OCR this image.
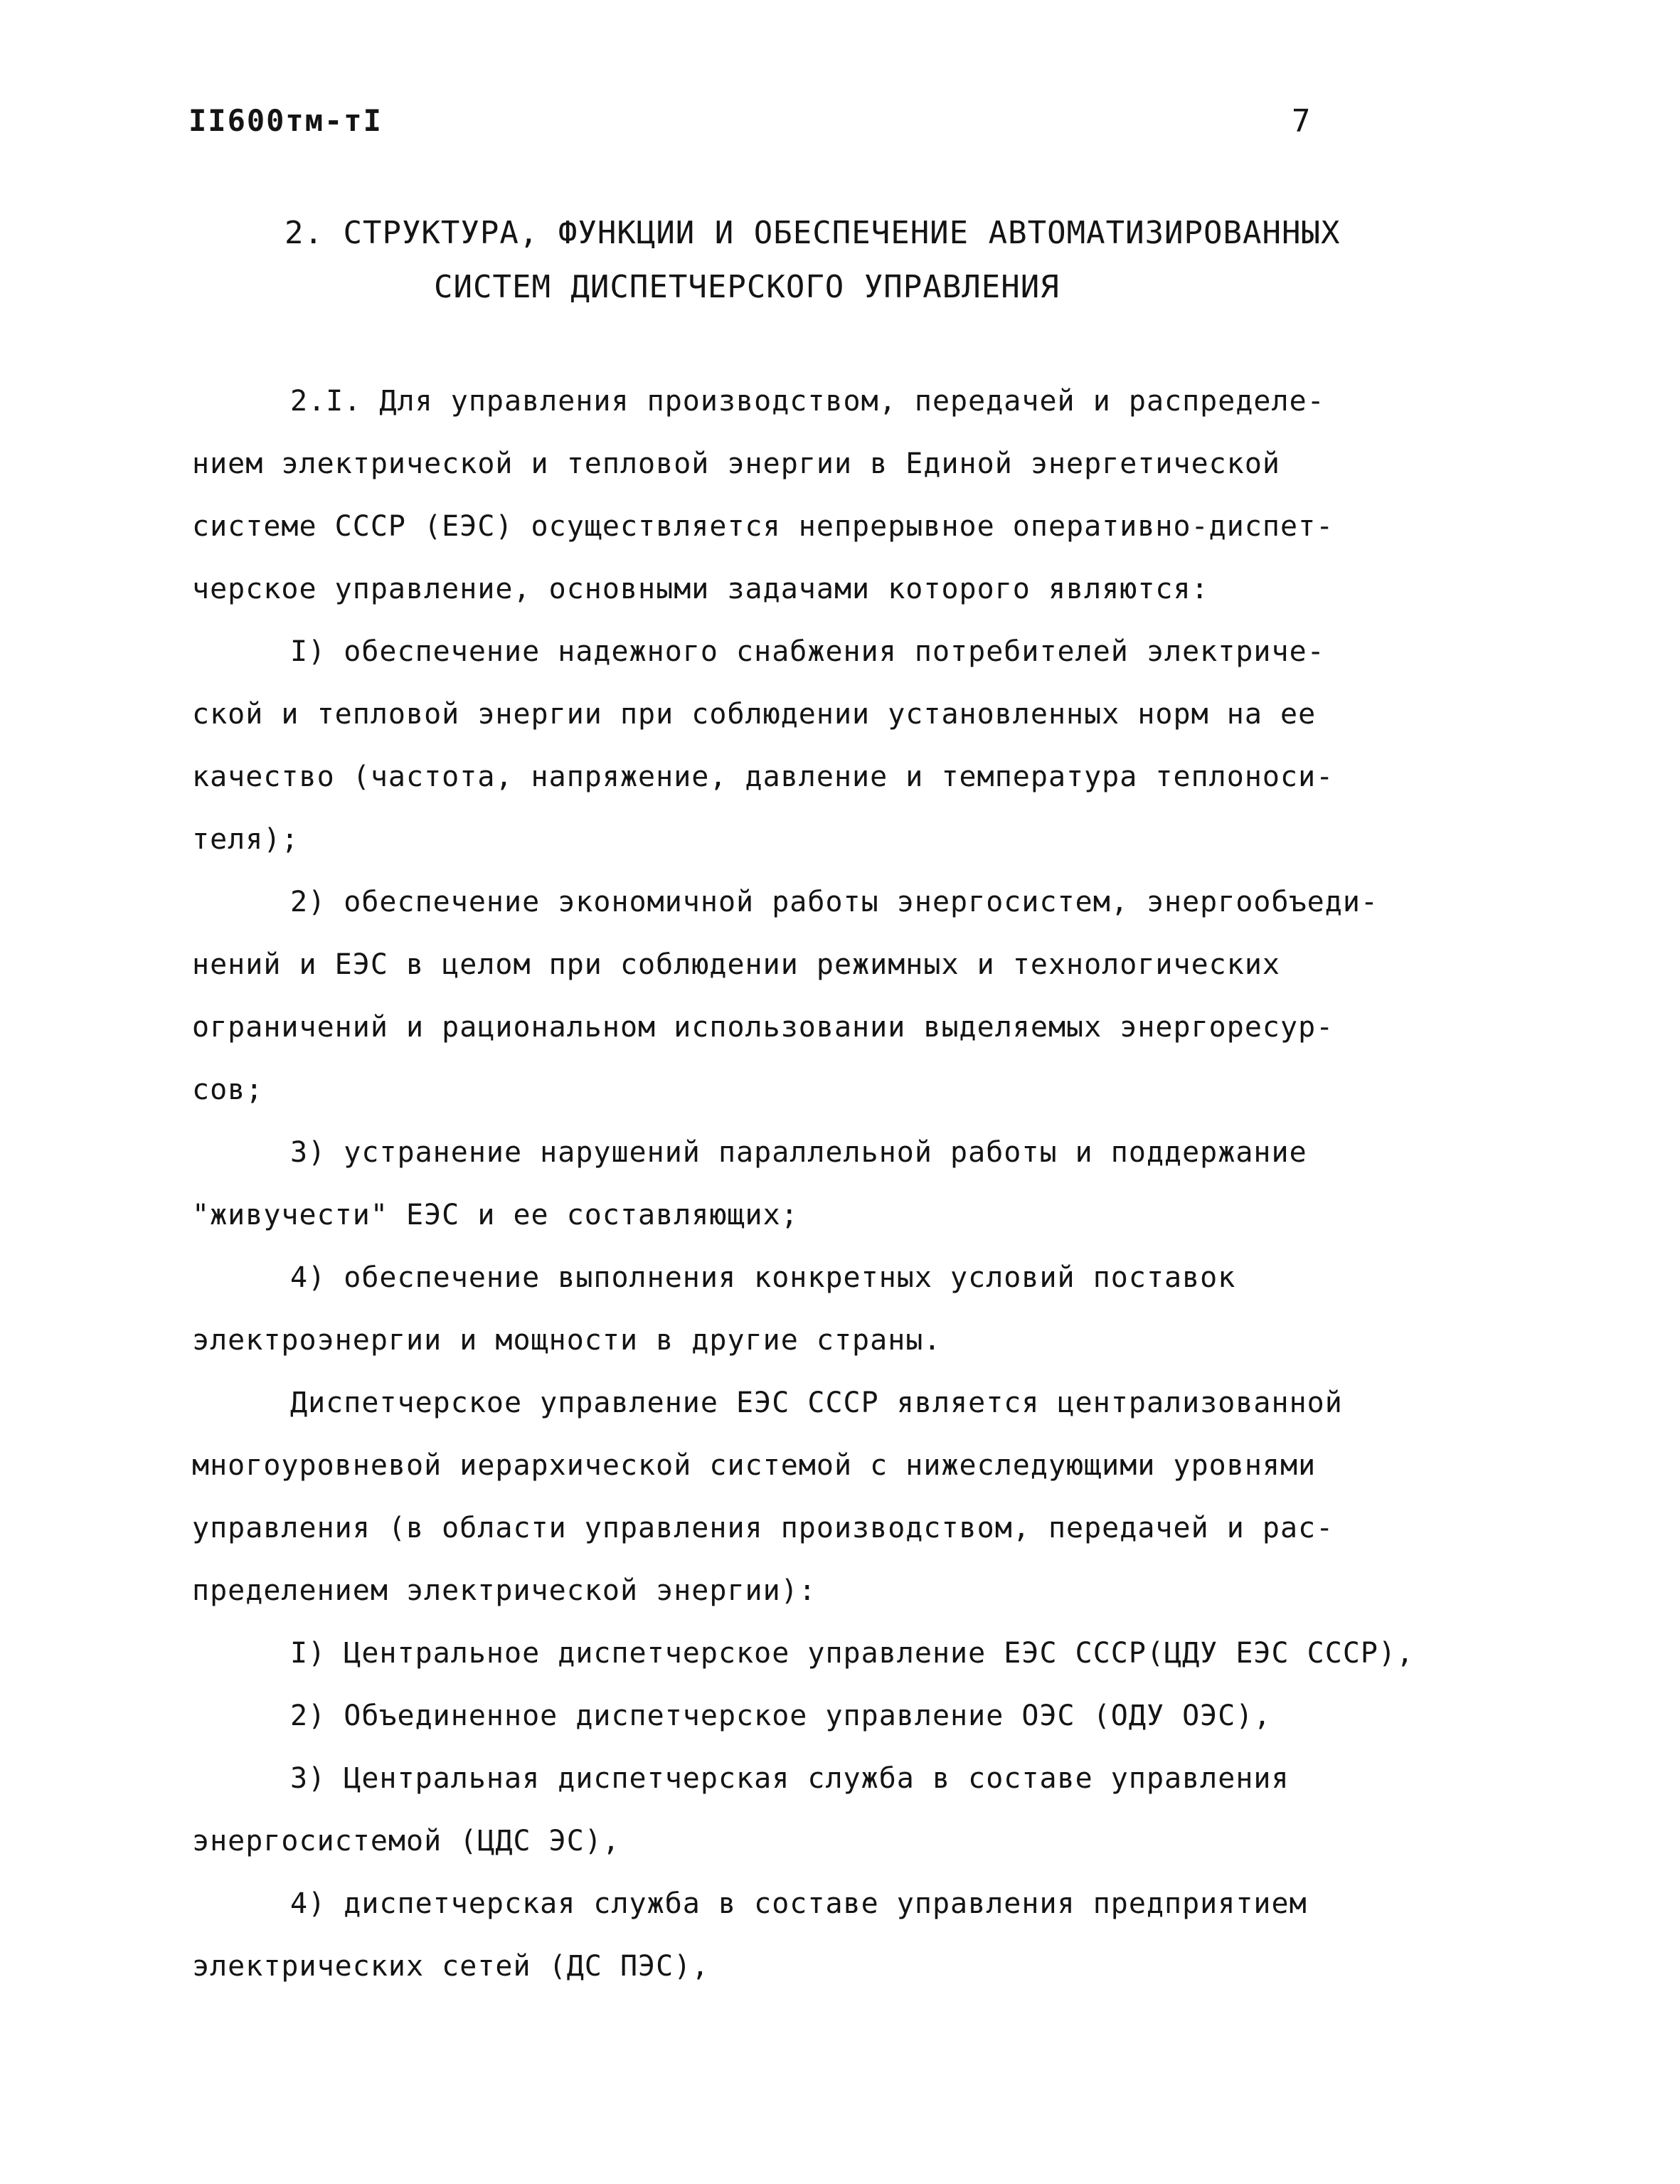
II600тм-тI	7
2. СТРУКТУРА, ФУНКЦИИ И ОБЕСПЕЧЕНИЕ АВТОМАТИЗИРОВАННЫХ
СИСТЕМ ДИСПЕТЧЕРСКОГО УПРАВЛЕНИЯ
2.I. Для управления производством, передачей и распределе-
нием электрической и тепловой энергии в Единой энергетической
системе СССР (ЕЭС) осуществляется непрерывное оперативно-диспет-
черское управление, основными задачами которого являются:
I) обеспечение надежного снабжения потребителей электриче-
ской и тепловой энергии при соблюдении установленных норм на ее
качество (частота, напряжение, давление и температура теплоноси-
теля);
2) обеспечение экономичной работы энергосистем, энергообъеди-
нений и ЕЭС в целом при соблюдении режимных и технологических
ограничений и рациональном использовании выделяемых энергоресур-
сов;
3) устранение нарушений параллельной работы и поддержание
"живучести" ЕЭС и ее составляющих;
4) обеспечение выполнения конкретных условий поставок
электроэнергии и мощности в другие страны.
Диспетчерское управление ЕЭС СССР является централизованной
многоуровневой иерархической системой с нижеследующими уровнями
управления (в области управления производством, передачей и рас-
пределением электрической энергии):
I) Центральное диспетчерское управление ЕЭС СССР(ЦДУ ЕЭС СССР),
2) Объединенное диспетчерское управление ОЭС (ОДУ ОЭС),
3) Центральная диспетчерская служба в составе управления
энергосистемой (ЦДС ЭС),
4) диспетчерская служба в составе управления предприятием
электрических сетей (ДС ПЭС),
